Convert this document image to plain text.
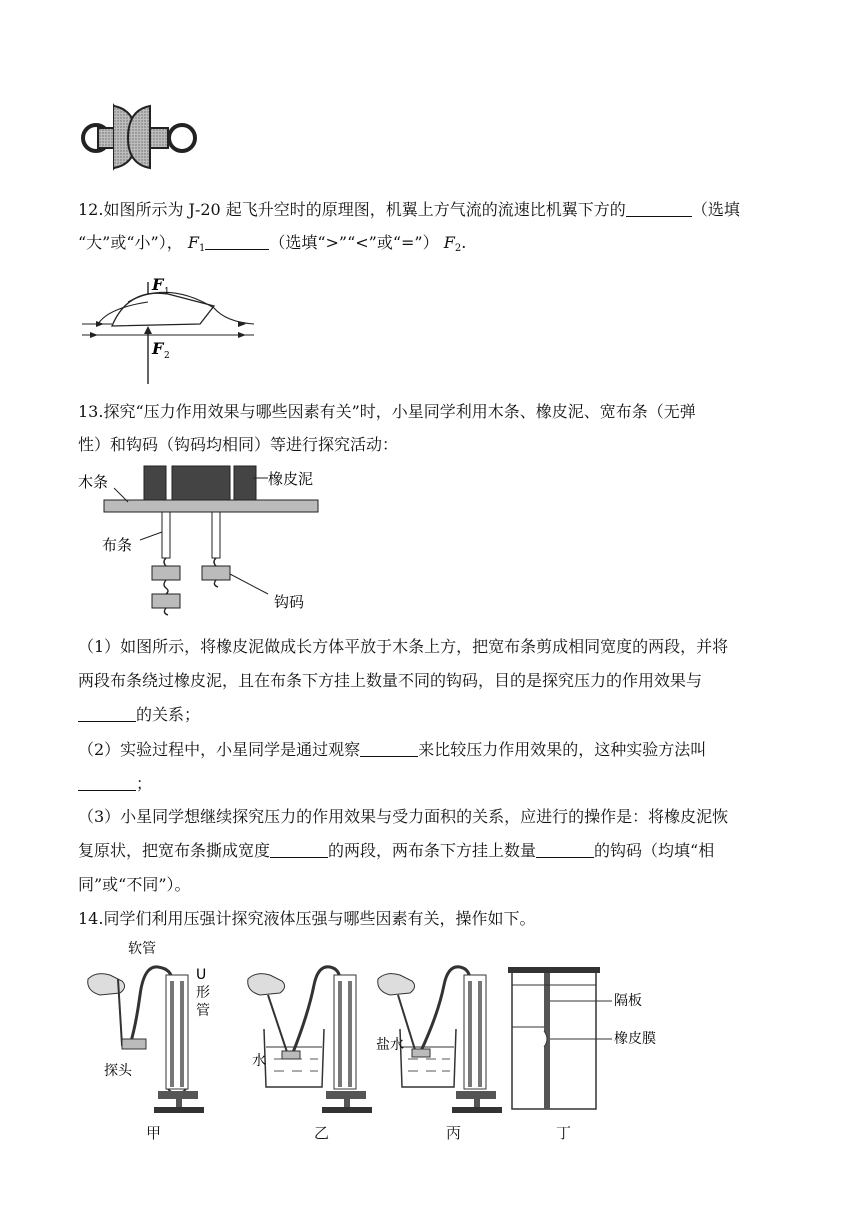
12.如图所示为 J-20 起飞升空时的原理图，机翼上方气流的流速比机翼下方的	（选填
“大”或“小”）， $F_1$	（选填“>”“<”或“=”） $F_2$.
F 1
F 2
13.探究“压力作用效果与哪些因素有关”时，小星同学利用木条、橡皮泥、宽布条（无弹
性）和钩码（钩码均相同）等进行探究活动：
木条	橡皮泥
布条
钩码
（1）如图所示，将橡皮泥做成长方体平放于木条上方，把宽布条剪成相同宽度的两段，并将
两段布条绕过橡皮泥，且在布条下方挂上数量不同的钩码，目的是探究压力的作用效果与
的关系；
（2）实验过程中，小星同学是通过观察	来比较压力作用效果的，这种实验方法叫
；
（3）小星同学想继续探究压力的作用效果与受力面积的关系，应进行的操作是：将橡皮泥恢
复原状，把宽布条撕成宽度	的两段，两布条下方挂上数量	的钩码（均填“相
同”或“不同”）。
14.同学们利用压强计探究液体压强与哪些因素有关，操作如下。
软管
U
形
管
探头
水
盐水
隔板
橡皮膜
甲	乙	丙	丁
